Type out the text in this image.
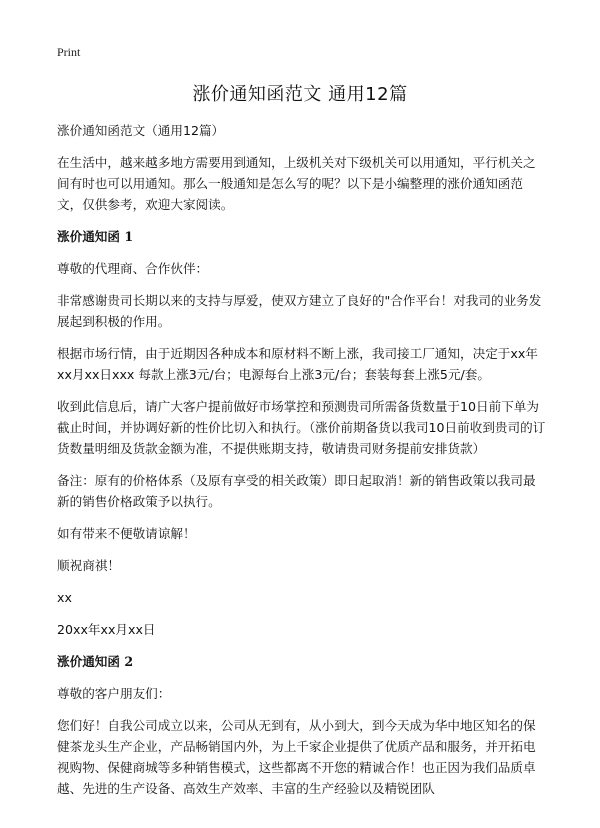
Print
涨价通知函范文 通用12篇

涨价通知函范文（通用12篇）

在生活中，越来越多地方需要用到通知，上级机关对下级机关可以用通知，平行机关之间有时也可以用通知。那么一般通知是怎么写的呢？以下是小编整理的涨价通知函范文，仅供参考，欢迎大家阅读。

涨价通知函 1

尊敬的代理商、合作伙伴：

非常感谢贵司长期以来的支持与厚爱，使双方建立了良好的"合作平台！对我司的业务发展起到积极的作用。

根据市场行情，由于近期因各种成本和原材料不断上涨，我司接工厂通知，决定于xx年xx月xx日xxx 每款上涨3元/台；电源每台上涨3元/台；套装每套上涨5元/套。

收到此信息后，请广大客户提前做好市场掌控和预测贵司所需备货数量于10日前下单为截止时间，并协调好新的性价比切入和执行。（涨价前期备货以我司10日前收到贵司的订货数量明细及货款金额为准，不提供账期支持，敬请贵司财务提前安排货款）

备注：原有的价格体系（及原有享受的相关政策）即日起取消！新的销售政策以我司最新的销售价格政策予以执行。

如有带来不便敬请谅解！

顺祝商祺！

xx

20xx年xx月xx日

涨价通知函 2

尊敬的客户朋友们：

您们好！自我公司成立以来，公司从无到有，从小到大，到今天成为华中地区知名的保健茶龙头生产企业，产品畅销国内外，为上千家企业提供了优质产品和服务，并开拓电视购物、保健商城等多种销售模式，这些都离不开您的精诚合作！也正因为我们品质卓越、先进的生产设备、高效生产效率、丰富的生产经验以及精锐团队
